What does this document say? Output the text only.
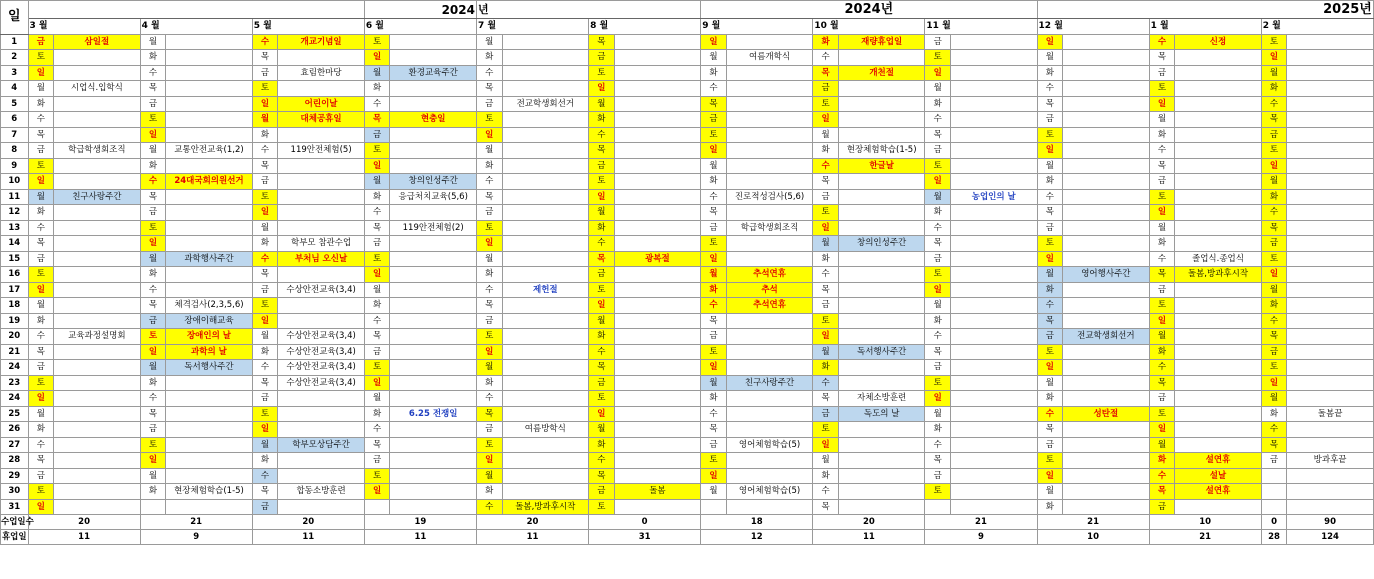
일							2024		년				2024년						2025년					
	3 월		4 월		5 월		6 월		7 월		8 월		9 월		10 월		11 월		12 월		1 월		2 월	
1	금	삼일절	월		수	개교기념일	토		월		목		일		화	재량휴업일	금		일		수	신정	토	
2	토		화		목		일		화		금		월	여름개학식	수		토		월		목		일	
3	일		수		금	효림한마당	월	환경교육주간	수		토		화		목	개천절	일		화		금		월	
4	월	시업식.입학식	목		토		화		목		일		수		금		월		수		토		화	
5	화		금		일	어린이날	수		금	전교학생회선거	월		목		토		화		목		일		수	
6	수		토		월	대체공휴일	목	현충일	토		화		금		일		수		금		월		목	
7	목		일		화		금		일		수		토		월		목		토		화		금	
8	금	학급학생회조직	월	교통안전교육(1,2)	수	119안전체험(5)	토		월		목		일		화	현장체험학습(1-5)	금		일		수		토	
9	토		화		목		일		화		금		월		수	한글날	토		월		목		일	
10	일		수	24대국회의원선거	금		월	창의인성주간	수		토		화		목		일		화		금		월	
11	월	친구사랑주간	목		토		화	응급처치교육(5,6)	목		일		수	진로적성검사(5,6)	금		월	농업인의 날	수		토		화	
12	화		금		일		수		금		월		목		토		화		목		일		수	
13	수		토		월		목	119안전체험(2)	토		화		금	학급학생회조직	일		수		금		월		목	
14	목		일		화	학부모 참관수업	금		일		수		토		월	창의인성주간	목		토		화		금	
15	금		월	과학행사주간	수	부처님 오신날	토		월		목	광복절	일		화		금		일		수	졸업식.종업식	토	
16	토		화		목		일		화		금		월	추석연휴	수		토		월	영어행사주간	목	돌봄,방과후시작	일	
17	일		수		금	수상안전교육(3,4)	월		수	제헌절	토		화	추석	목		일		화		금		월	
18	월		목	체격검사(2,3,5,6)	토		화		목		일		수	추석연휴	금		월		수		토		화	
19	화		금	장애이해교육	일		수		금		월		목		토		화		목		일		수	
20	수	교육과정설명회	토	장애인의 날	월	수상안전교육(3,4)	목		토		화		금		일		수		금	전교학생회선거	월		목	
21	목		일	과학의 날	화	수상안전교육(3,4)	금		일		수		토		월	독서행사주간	목		토		화		금	
24	금		월	독서행사주간	수	수상안전교육(3,4)	토		월		목		일		화		금		일		수		토	
23	토		화		목	수상안전교육(3,4)	일		화		금		월	친구사랑주간	수		토		월		목		일	
24	일		수		금		월		수		토		화		목	자체소방훈련	일		화		금		월	
25	월		목		토		화	6.25 전쟁일	목		일		수		금	독도의 날	월		수	성탄절	토		화	돌봄끝
26	화		금		일		수		금	여름방학식	월		목		토		화		목		일		수	
27	수		토		월	학부모상담주간	목		토		화		금	영어체험학습(5)	일		수		금		월		목	
28	목		일		화		금		일		수		토		월		목		토		화	설연휴	금	방과후끝
29	금		월		수		토		월		목		일		화		금		일		수	설날		
30	토		화	현장체험학습(1-5)	목	합동소방훈련	일		화		금	돌봄	월	영어체험학습(5)	수		토		월		목	설연휴		
31	일				금				수	돌봄,방과후시작	토				목				화		금			
수업일수	20		21		20		19		20		0		18		20		21		21		10		0	90
휴업일	11		9		11		11		11		31		12		11		9		10		21		28	124
